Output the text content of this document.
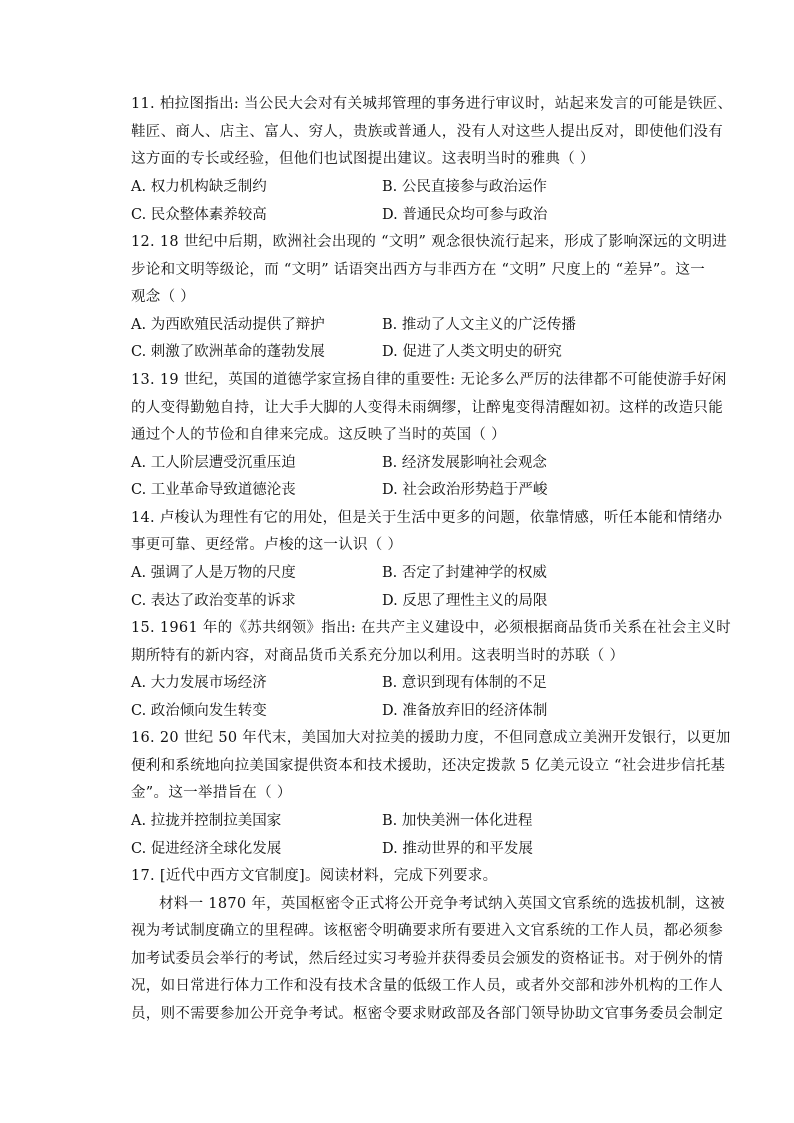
11. 柏拉图指出: 当公民大会对有关城邦管理的事务进行审议时，站起来发言的可能是铁匠、
鞋匠、商人、店主、富人、穷人，贵族或普通人，没有人对这些人提出反对，即使他们没有
这方面的专长或经验，但他们也试图提出建议。这表明当时的雅典（ ）
A. 权力机构缺乏制约	B. 公民直接参与政治运作
C. 民众整体素养较高	D. 普通民众均可参与政治
12. 18 世纪中后期，欧洲社会出现的 “文明” 观念很快流行起来，形成了影响深远的文明进
步论和文明等级论，而 “文明” 话语突出西方与非西方在 “文明” 尺度上的 “差异”。这一
观念（ ）
A. 为西欧殖民活动提供了辩护	B. 推动了人文主义的广泛传播
C. 刺激了欧洲革命的蓬勃发展	D. 促进了人类文明史的研究
13. 19 世纪，英国的道德学家宣扬自律的重要性: 无论多么严厉的法律都不可能使游手好闲
的人变得勤勉自持，让大手大脚的人变得未雨绸缪，让醉鬼变得清醒如初。这样的改造只能
通过个人的节俭和自律来完成。这反映了当时的英国（ ）
A. 工人阶层遭受沉重压迫	B. 经济发展影响社会观念
C. 工业革命导致道德沦丧	D. 社会政治形势趋于严峻
14. 卢梭认为理性有它的用处，但是关于生活中更多的问题，依靠情感，听任本能和情绪办
事更可靠、更经常。卢梭的这一认识（ ）
A. 强调了人是万物的尺度	B. 否定了封建神学的权威
C. 表达了政治变革的诉求	D. 反思了理性主义的局限
15. 1961 年的《苏共纲领》指出: 在共产主义建设中，必须根据商品货币关系在社会主义时
期所特有的新内容，对商品货币关系充分加以利用。这表明当时的苏联（ ）
A. 大力发展市场经济	B. 意识到现有体制的不足
C. 政治倾向发生转变	D. 准备放弃旧的经济体制
16. 20 世纪 50 年代末，美国加大对拉美的援助力度，不但同意成立美洲开发银行，以更加
便利和系统地向拉美国家提供资本和技术援助，还决定拨款 5 亿美元设立 “社会进步信托基
金”。这一举措旨在（ ）
A. 拉拢并控制拉美国家	B. 加快美洲一体化进程
C. 促进经济全球化发展	D. 推动世界的和平发展
17. [近代中西方文官制度]。阅读材料，完成下列要求。
材料一 1870 年，英国枢密令正式将公开竞争考试纳入英国文官系统的选拔机制，这被
视为考试制度确立的里程碑。该枢密令明确要求所有要进入文官系统的工作人员，都必须参
加考试委员会举行的考试，然后经过实习考验并获得委员会颁发的资格证书。对于例外的情
况，如日常进行体力工作和没有技术含量的低级工作人员，或者外交部和涉外机构的工作人
员，则不需要参加公开竞争考试。枢密令要求财政部及各部门领导协助文官事务委员会制定
